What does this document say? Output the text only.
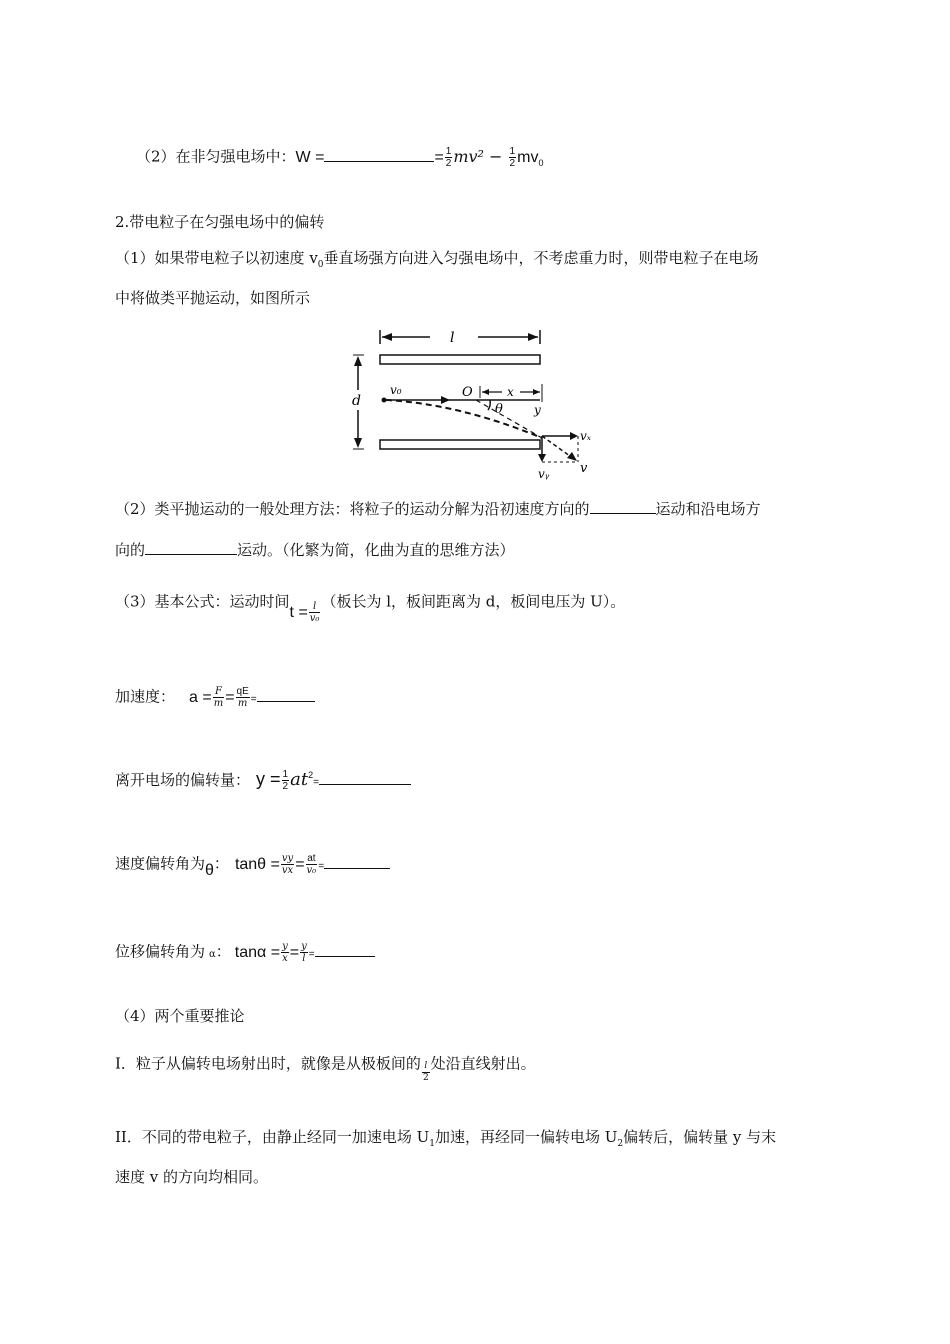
（2）在非匀强电场中：W =	= $\frac{1}{2} mv^2 - \frac{1}{2} mv_0$
2.带电粒子在匀强电场中的偏转
（1）如果带电粒子以初速度 $v_0$垂直场强方向进入匀强电场中，不考虑重力时，则带电粒子在电场
中将做类平抛运动，如图所示
l
d
v₀	O	x
θ	y
vₓ
vᵧ v
（2）类平抛运动的一般处理方法：将粒子的运动分解为沿初速度方向的	运动和沿电场方
向的	运动。（化繁为简，化曲为直的思维方法）
（3）基本公式：运动时间$t = \frac{l}{\text{v₀}}$ （板长为 l，板间距离为 d，板间电压为 U）。
加速度： $a = \frac{F}{m} = \frac{qE}{m}$ =
离开电场的偏转量： $y = \frac{1}{2} at^2=$
速度偏转角为θ： $\tan\theta = \frac{vy}{vx} = \frac{at}{\text{v₀}}$ =
位移偏转角为 α： $\tan\alpha = \frac{y}{x} = \frac{y}{l}$ =
（4）两个重要推论
I．粒子从偏转电场射出时，就像是从极板间的 $\frac{l}{2}$ 处沿直线射出。
II．不同的带电粒子，由静止经同一加速电场 $U_1$加速，再经同一偏转电场 $U_2$偏转后，偏转量 y 与末
速度 v 的方向均相同。
